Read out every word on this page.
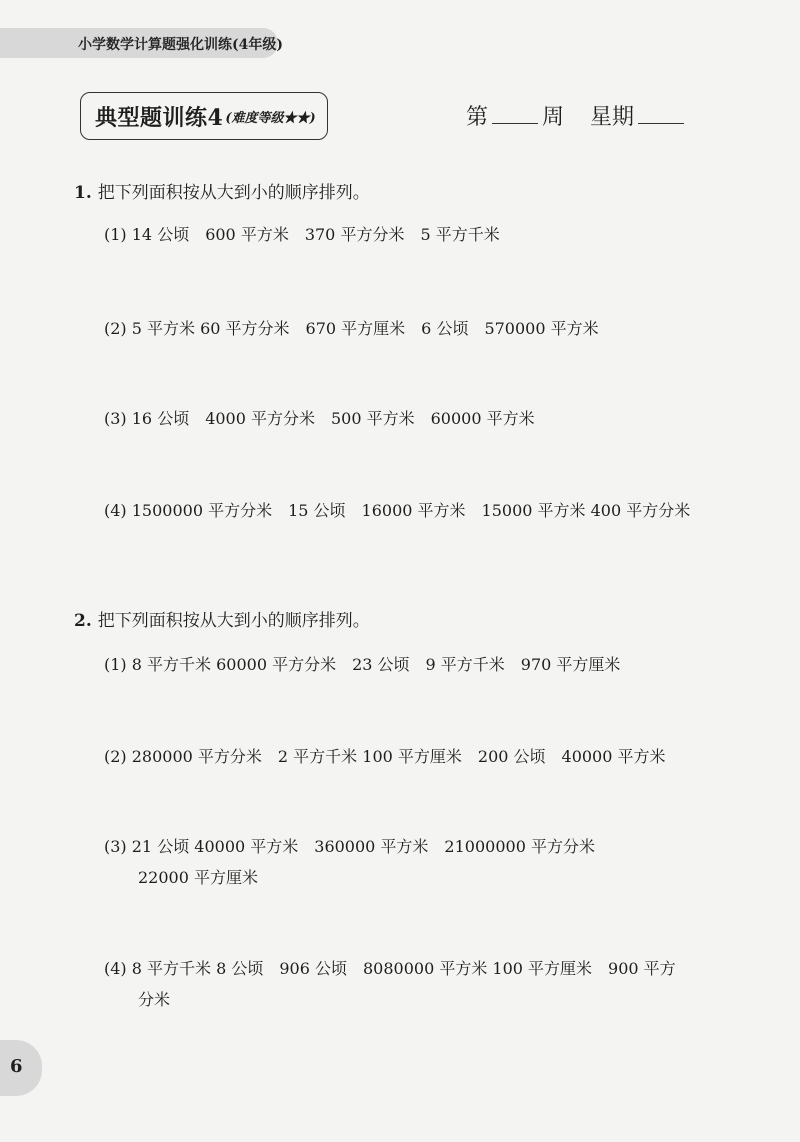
小学数学计算题强化训练(4年级)
典型题训练4 (难度等级★★)	第 周 星期
1. 把下列面积按从大到小的顺序排列。
(1) 14 公顷　600 平方米　370 平方分米　5 平方千米
(2) 5 平方米 60 平方分米　670 平方厘米　6 公顷　570000 平方米
(3) 16 公顷　4000 平方分米　500 平方米　60000 平方米
(4) 1500000 平方分米　15 公顷　16000 平方米　15000 平方米 400 平方分米
2. 把下列面积按从大到小的顺序排列。
(1) 8 平方千米 60000 平方分米　23 公顷　9 平方千米　970 平方厘米
(2) 280000 平方分米　2 平方千米 100 平方厘米　200 公顷　40000 平方米
(3) 21 公顷 40000 平方米　360000 平方米　21000000 平方分米
22000 平方厘米
(4) 8 平方千米 8 公顷　906 公顷　8080000 平方米 100 平方厘米　900 平方
分米
6
